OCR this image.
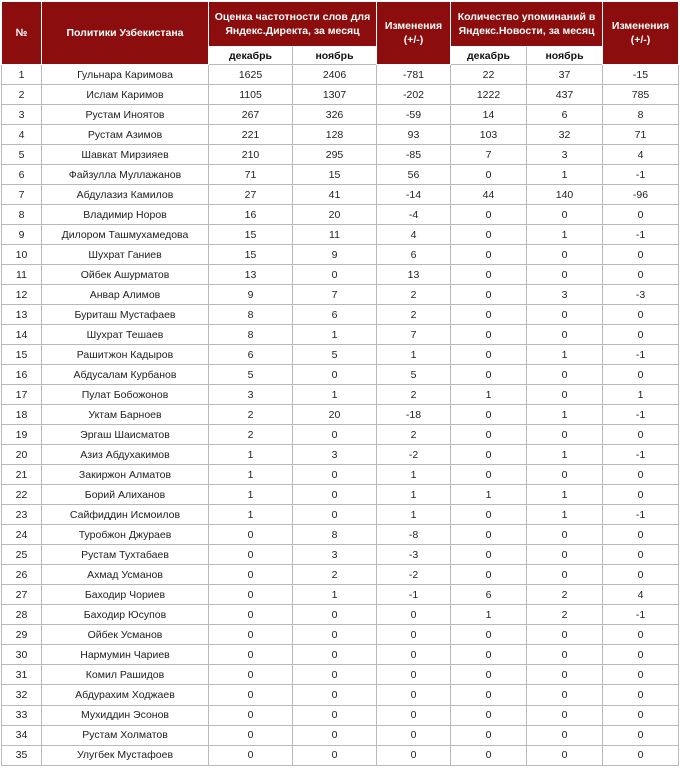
№	Политики Узбекистана	Оценка частотности слов для Яндекс.Директа, за месяц		Изменения (+/-)	Количество упоминаний в Яндекс.Новости, за месяц		Изменения (+/-)
		декабрь	ноябрь		декабрь	ноябрь	
1	Гульнара Каримова	1625	2406	-781	22	37	-15
2	Ислам Каримов	1105	1307	-202	1222	437	785
3	Рустам Иноятов	267	326	-59	14	6	8
4	Рустам Азимов	221	128	93	103	32	71
5	Шавкат Мирзияев	210	295	-85	7	3	4
6	Файзулла Муллажанов	71	15	56	0	1	-1
7	Абдулазиз Камилов	27	41	-14	44	140	-96
8	Владимир Норов	16	20	-4	0	0	0
9	Дилором Ташмухамедова	15	11	4	0	1	-1
10	Шухрат Ганиев	15	9	6	0	0	0
11	Ойбек Ашурматов	13	0	13	0	0	0
12	Анвар Алимов	9	7	2	0	3	-3
13	Буриташ Мустафаев	8	6	2	0	0	0
14	Шухрат Тешаев	8	1	7	0	0	0
15	Рашитжон Кадыров	6	5	1	0	1	-1
16	Абдусалам Курбанов	5	0	5	0	0	0
17	Пулат Бобожонов	3	1	2	1	0	1
18	Уктам Барноев	2	20	-18	0	1	-1
19	Эргаш Шаисматов	2	0	2	0	0	0
20	Азиз Абдухакимов	1	3	-2	0	1	-1
21	Закиржон Алматов	1	0	1	0	0	0
22	Борий Алиханов	1	0	1	1	1	0
23	Сайфиддин Исмоилов	1	0	1	0	1	-1
24	Туробжон Джураев	0	8	-8	0	0	0
25	Рустам Тухтабаев	0	3	-3	0	0	0
26	Ахмад Усманов	0	2	-2	0	0	0
27	Баходир Чориев	0	1	-1	6	2	4
28	Баходир Юсупов	0	0	0	1	2	-1
29	Ойбек Усманов	0	0	0	0	0	0
30	Нармумин Чариев	0	0	0	0	0	0
31	Комил Рашидов	0	0	0	0	0	0
32	Абдурахим Ходжаев	0	0	0	0	0	0
33	Мухиддин Эсонов	0	0	0	0	0	0
34	Рустам Холматов	0	0	0	0	0	0
35	Улугбек Мустафоев	0	0	0	0	0	0
